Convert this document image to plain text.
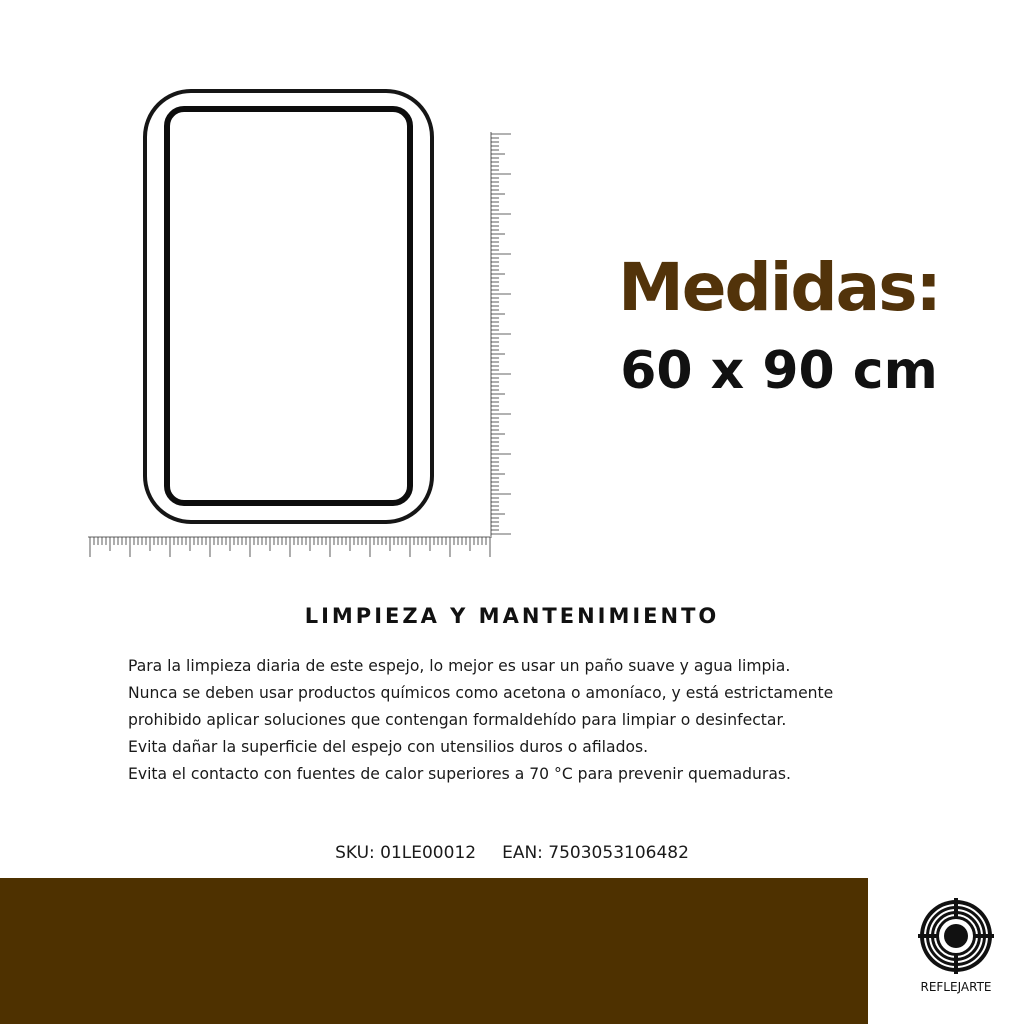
Medidas:
60 x 90 cm
LIMPIEZA Y MANTENIMIENTO

Para la limpieza diaria de este espejo, lo mejor es usar un paño suave y agua limpia.

Nunca se deben usar productos químicos como acetona o amoníaco, y está estrictamente

prohibido aplicar soluciones que contengan formaldehído para limpiar o desinfectar.

Evita dañar la superficie del espejo con utensilios duros o afilados.

Evita el contacto con fuentes de calor superiores a 70 °C para prevenir quemaduras.

SKU: 01LE00012 EAN: 7503053106482
REFLEJARTE
